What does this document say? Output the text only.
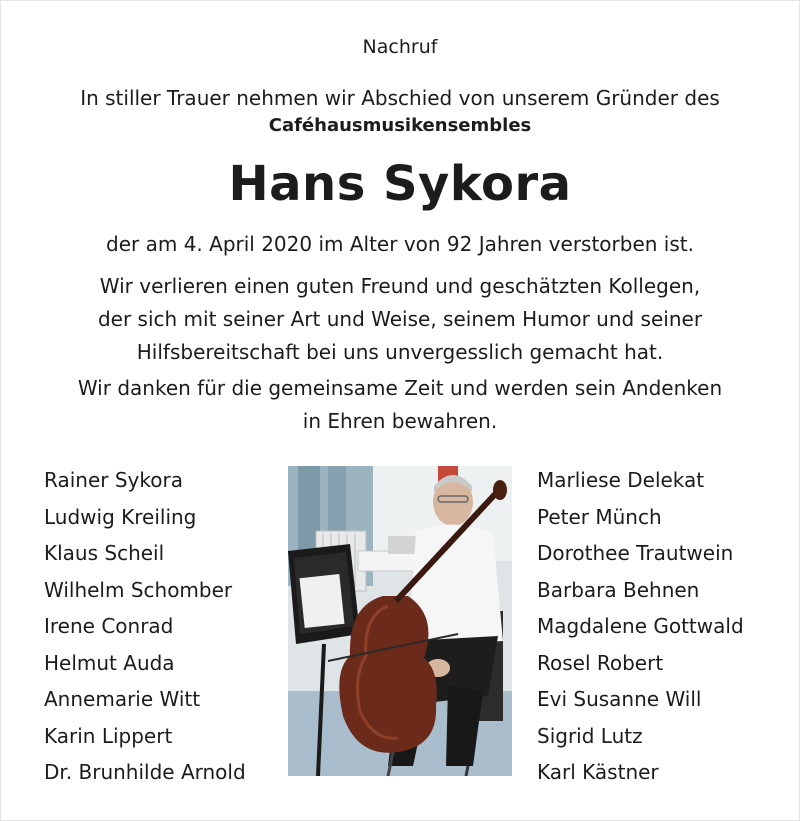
Nachruf
In stiller Trauer nehmen wir Abschied von unserem Gründer des
Caféhausmusikensembles
Hans Sykora
der am 4. April 2020 im Alter von 92 Jahren verstorben ist.
Wir verlieren einen guten Freund und geschätzten Kollegen,
der sich mit seiner Art und Weise, seinem Humor und seiner
Hilfsbereitschaft bei uns unvergesslich gemacht hat.
Wir danken für die gemeinsame Zeit und werden sein Andenken
in Ehren bewahren.
Rainer Sykora
Ludwig Kreiling
Klaus Scheil
Wilhelm Schomber
Irene Conrad
Helmut Auda
Annemarie Witt
Karin Lippert
Dr. Brunhilde Arnold
Marliese Delekat
Peter Münch
Dorothee Trautwein
Barbara Behnen
Magdalene Gottwald
Rosel Robert
Evi Susanne Will
Sigrid Lutz
Karl Kästner
